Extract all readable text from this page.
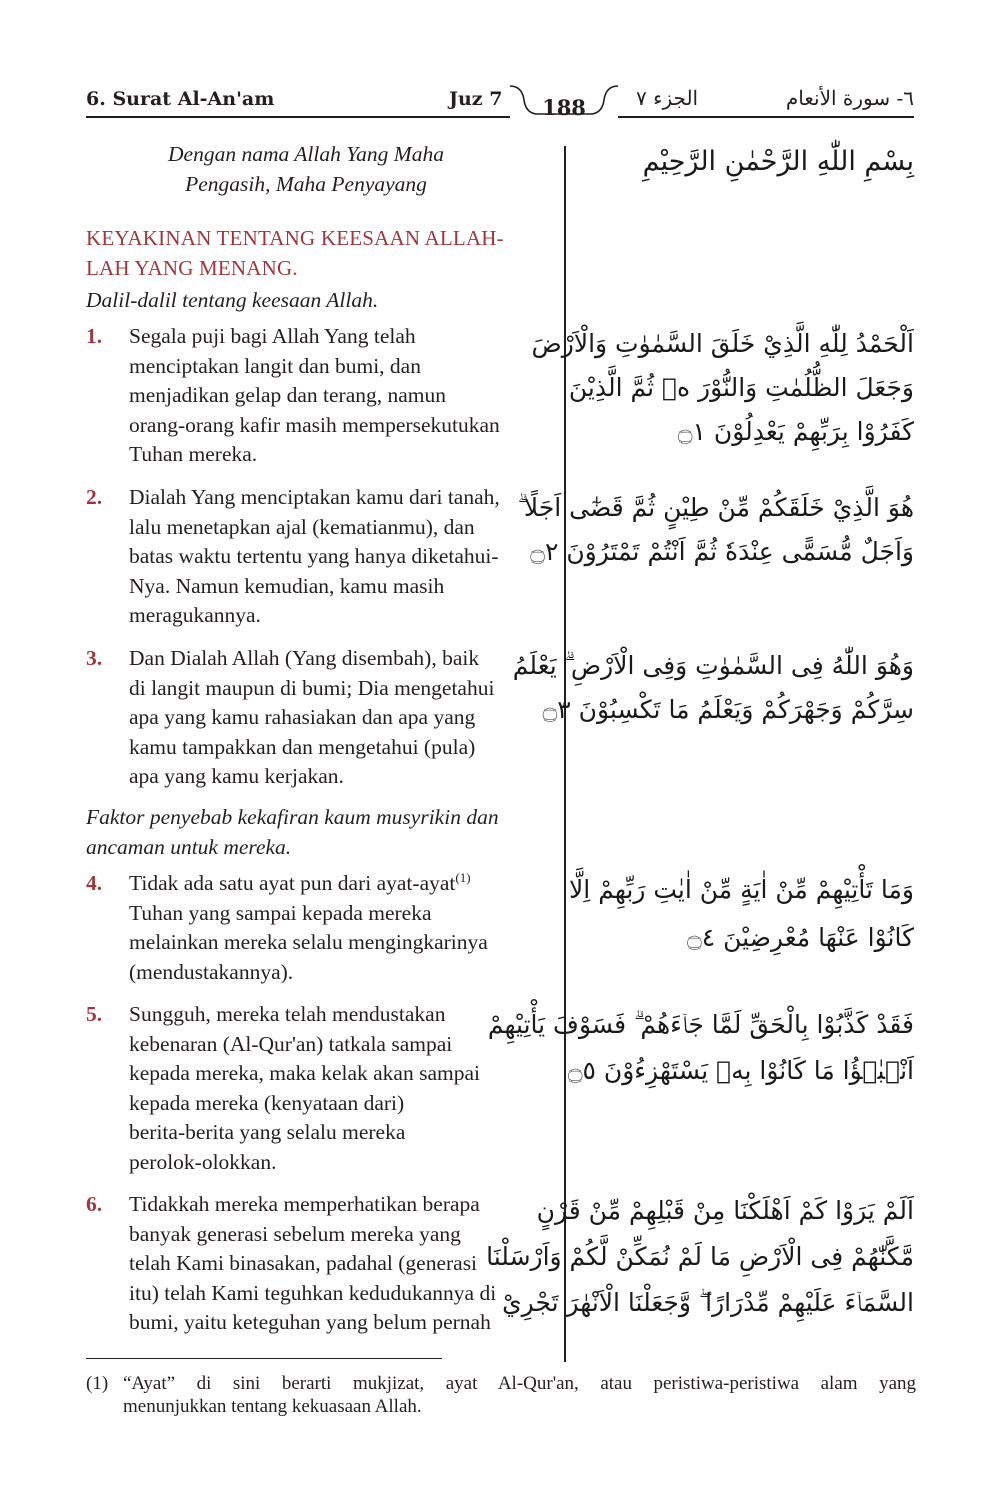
6. Surat Al-An'am	Juz 7	188	الجزء ٧	٦- سورة الأنعام
Dengan nama Allah Yang Maha
Pengasih, Maha Penyayang
بِسْمِ اللّٰهِ الرَّحْمٰنِ الرَّحِيْمِ
KEYAKINAN TENTANG KEESAAN ALLAH-
LAH YANG MENANG.
Dalil-dalil tentang keesaan Allah.
1. Segala puji bagi Allah Yang telah
menciptakan langit dan bumi, dan
menjadikan gelap dan terang, namun
orang-orang kafir masih mempersekutukan
Tuhan mereka.
اَلْحَمْدُ لِلّٰهِ الَّذِيْ خَلَقَ السَّمٰوٰتِ وَالْاَرْضَ
وَجَعَلَ الظُّلُمٰتِ وَالنُّوْرَ ەۗ ثُمَّ الَّذِيْنَ
كَفَرُوْا بِرَبِّهِمْ يَعْدِلُوْنَ ۝١
2. Dialah Yang menciptakan kamu dari tanah,
lalu menetapkan ajal (kematianmu), dan
batas waktu tertentu yang hanya diketahui-
Nya. Namun kemudian, kamu masih
meragukannya.
هُوَ الَّذِيْ خَلَقَكُمْ مِّنْ طِيْنٍ ثُمَّ قَضٰٓى اَجَلًا ۗ
وَاَجَلٌ مُّسَمًّى عِنْدَهٗ ثُمَّ اَنْتُمْ تَمْتَرُوْنَ ۝٢
3. Dan Dialah Allah (Yang disembah), baik
di langit maupun di bumi; Dia mengetahui
apa yang kamu rahasiakan dan apa yang
kamu tampakkan dan mengetahui (pula)
apa yang kamu kerjakan.
وَهُوَ اللّٰهُ فِى السَّمٰوٰتِ وَفِى الْاَرْضِ ۗ يَعْلَمُ
سِرَّكُمْ وَجَهْرَكُمْ وَيَعْلَمُ مَا تَكْسِبُوْنَ ۝٣
Faktor penyebab kekafiran kaum musyrikin dan
ancaman untuk mereka.
4. Tidak ada satu ayat pun dari ayat-ayat$^{(1)}$
Tuhan yang sampai kepada mereka
melainkan mereka selalu mengingkarinya
(mendustakannya).
وَمَا تَأْتِيْهِمْ مِّنْ اٰيَةٍ مِّنْ اٰيٰتِ رَبِّهِمْ اِلَّا
كَانُوْا عَنْهَا مُعْرِضِيْنَ ۝٤
5. Sungguh, mereka telah mendustakan
kebenaran (Al-Qur'an) tatkala sampai
kepada mereka, maka kelak akan sampai
kepada mereka (kenyataan dari)
berita-berita yang selalu mereka
perolok-olokkan.
فَقَدْ كَذَّبُوْا بِالْحَقِّ لَمَّا جَاۤءَهُمْ ۗ فَسَوْفَ يَأْتِيْهِمْ
اَنْۢبٰۤؤُا مَا كَانُوْا بِهٖ يَسْتَهْزِءُوْنَ ۝٥
6. Tidakkah mereka memperhatikan berapa
banyak generasi sebelum mereka yang
telah Kami binasakan, padahal (generasi
itu) telah Kami teguhkan kedudukannya di
bumi, yaitu keteguhan yang belum pernah
اَلَمْ يَرَوْا كَمْ اَهْلَكْنَا مِنْ قَبْلِهِمْ مِّنْ قَرْنٍ
مَّكَّنّٰهُمْ فِى الْاَرْضِ مَا لَمْ نُمَكِّنْ لَّكُمْ وَاَرْسَلْنَا
السَّمَاۤءَ عَلَيْهِمْ مِّدْرَارًا ۖ وَّجَعَلْنَا الْاَنْهٰرَ تَجْرِيْ
(1) “Ayat” di sini berarti mukjizat, ayat Al-Qur'an, atau peristiwa-peristiwa alam yang
menunjukkan tentang kekuasaan Allah.
